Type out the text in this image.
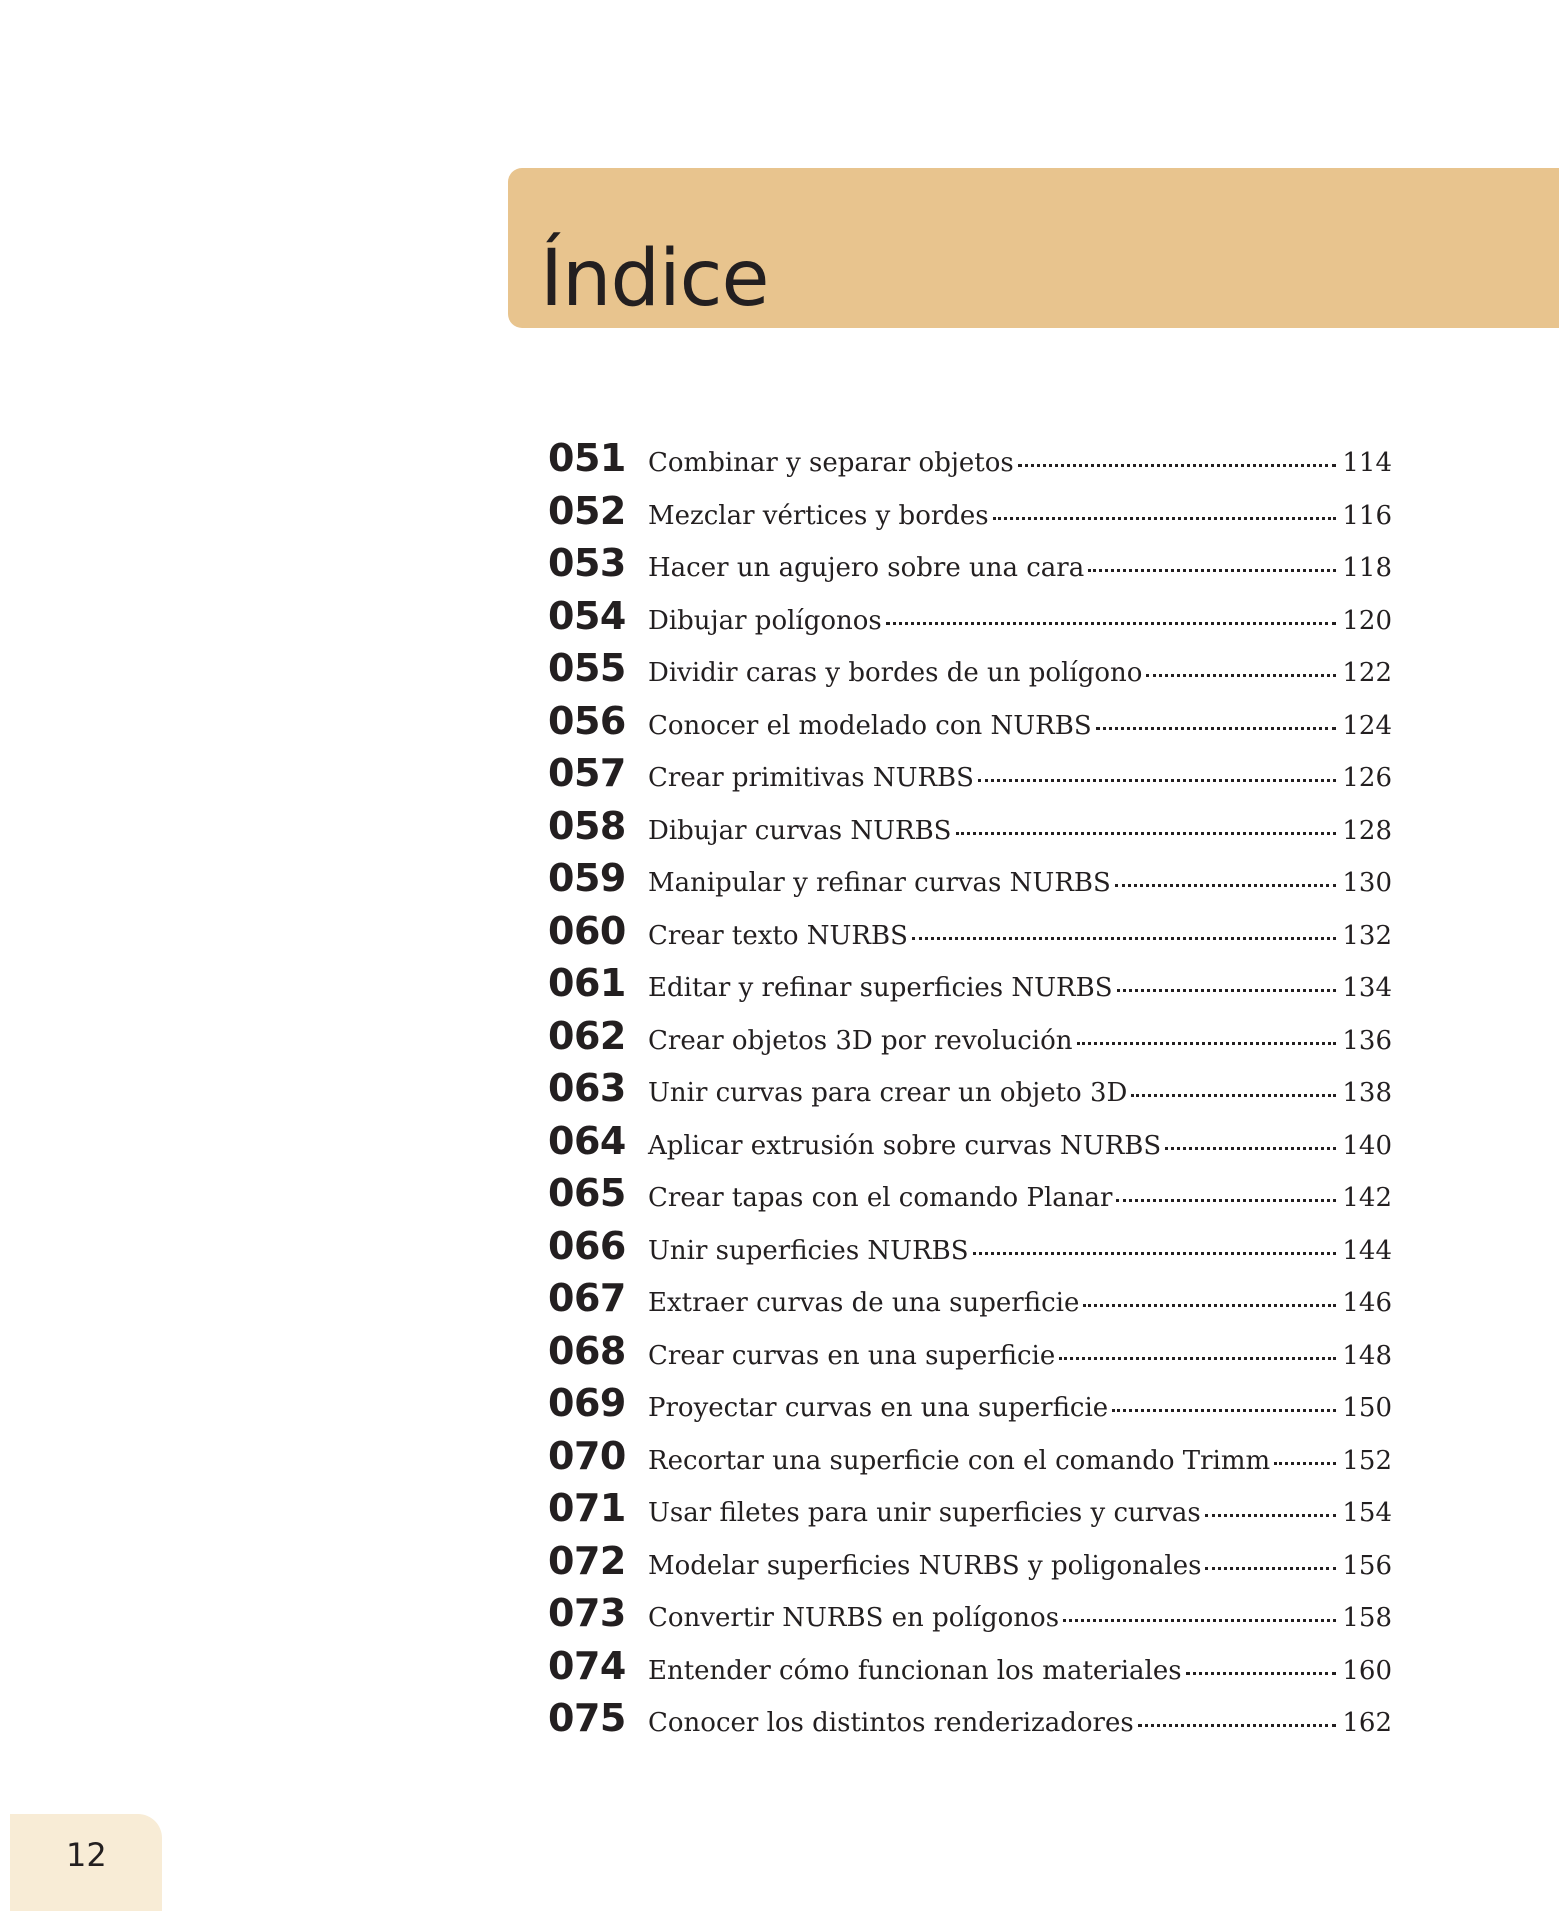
Índice
051 Combinar y separar objetos	114
052 Mezclar vértices y bordes	116
053 Hacer un agujero sobre una cara	118
054 Dibujar polígonos	120
055 Dividir caras y bordes de un polígono	122
056 Conocer el modelado con NURBS	124
057 Crear primitivas NURBS	126
058 Dibujar curvas NURBS	128
059 Manipular y refinar curvas NURBS	130
060 Crear texto NURBS	132
061 Editar y refinar superficies NURBS	134
062 Crear objetos 3D por revolución	136
063 Unir curvas para crear un objeto 3D	138
064 Aplicar extrusión sobre curvas NURBS	140
065 Crear tapas con el comando Planar	142
066 Unir superficies NURBS	144
067 Extraer curvas de una superficie	146
068 Crear curvas en una superficie	148
069 Proyectar curvas en una superficie	150
070 Recortar una superficie con el comando Trimm	152
071 Usar filetes para unir superficies y curvas	154
072 Modelar superficies NURBS y poligonales	156
073 Convertir NURBS en polígonos	158
074 Entender cómo funcionan los materiales	160
075 Conocer los distintos renderizadores	162
12
